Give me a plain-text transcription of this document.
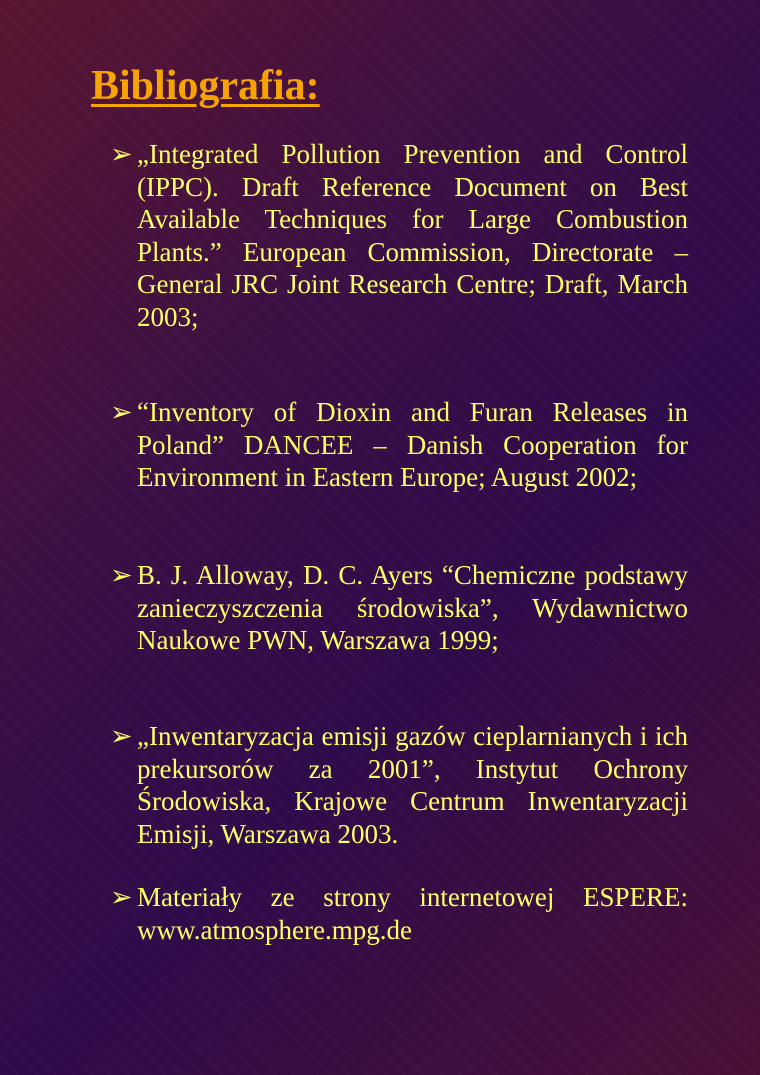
Bibliografia:
➢ „Integrated Pollution Prevention and Control (IPPC). Draft Reference Document on Best Available Techniques for Large Combustion Plants.” European Commission, Directorate – General JRC Joint Research Centre; Draft, March 2003;

➢ “Inventory of Dioxin and Furan Releases in Poland” DANCEE – Danish Cooperation for Environment in Eastern Europe; August 2002;

➢ B. J. Alloway, D. C. Ayers “Chemiczne podstawy zanieczyszczenia środowiska”, Wydawnictwo Naukowe PWN, Warszawa 1999;

➢ „Inwentaryzacja emisji gazów cieplarnianych i ich prekursorów za 2001”, Instytut Ochrony Środowiska, Krajowe Centrum Inwentaryzacji Emisji, Warszawa 2003.

➢ Materiały ze strony internetowej ESPERE: www.atmosphere.mpg.de
